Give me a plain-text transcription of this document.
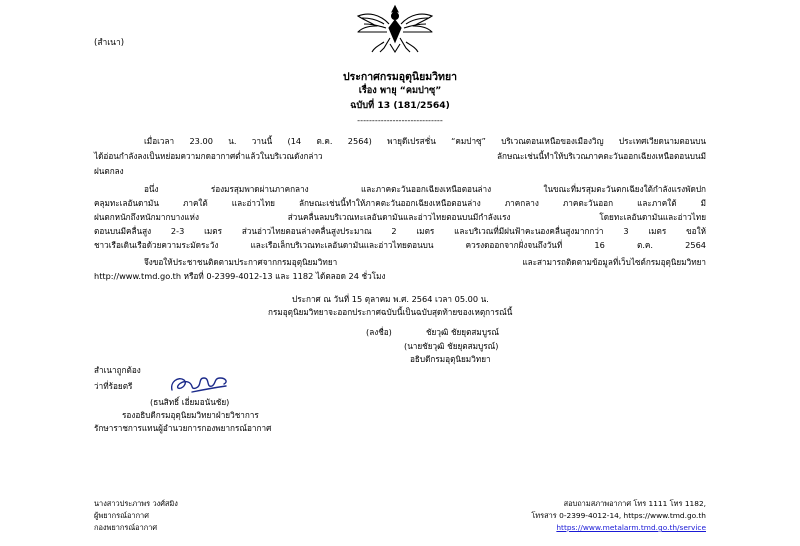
(สำเนา)
ประกาศกรมอุตุนิยมวิทยา
เรื่อง พายุ “คมปาซุ”
ฉบับที่ 13 (181/2564)
-----------------------------
เมื่อเวลา 23.00 น. วานนี้ (14 ต.ค. 2564) พายุดีเปรสชั่น “คมปาซุ” บริเวณตอนเหนือของเมืองวิญ ประเทศเวียดนามตอนบน
ได้อ่อนกำลังลงเป็นหย่อมความกดอากาศต่ำแล้วในบริเวณดังกล่าว ลักษณะเช่นนี้ทำให้บริเวณภาคตะวันออกเฉียงเหนือตอนบนมี
ฝนตกลง
อนึ่ง ร่องมรสุมพาดผ่านภาคกลาง และภาคตะวันออกเฉียงเหนือตอนล่าง ในขณะที่มรสุมตะวันตกเฉียงใต้กำลังแรงพัดปก
คลุมทะเลอันดามัน ภาคใต้ และอ่าวไทย ลักษณะเช่นนี้ทำให้ภาคตะวันออกเฉียงเหนือตอนล่าง ภาคกลาง ภาคตะวันออก และภาคใต้ มี
ฝนตกหนักถึงหนักมากบางแห่ง ส่วนคลื่นลมบริเวณทะเลอันดามันและอ่าวไทยตอนบนมีกำลังแรง โดยทะเลอันดามันและอ่าวไทย
ตอนบนมีคลื่นสูง 2-3 เมตร ส่วนอ่าวไทยตอนล่างคลื่นสูงประมาณ 2 เมตร และบริเวณที่มีฝนฟ้าคะนองคลื่นสูงมากกว่า 3 เมตร ขอให้
ชาวเรือเดินเรือด้วยความระมัดระวัง และเรือเล็กบริเวณทะเลอันดามันและอ่าวไทยตอนบน ควรงดออกจากฝั่งจนถึงวันที่ 16 ต.ค. 2564
จึงขอให้ประชาชนติดตามประกาศจากกรมอุตุนิยมวิทยา และสามารถติดตามข้อมูลที่เว็บไซต์กรมอุตุนิยมวิทยา
http://www.tmd.go.th หรือที่ 0-2399-4012-13 และ 1182 ได้ตลอด 24 ชั่วโมง
ประกาศ ณ วันที่ 15 ตุลาคม พ.ศ. 2564 เวลา 05.00 น.
กรมอุตุนิยมวิทยาจะออกประกาศฉบับนี้เป็นฉบับสุดท้ายของเหตุการณ์นี้
(ลงชื่อ)	ชัยวุฒิ ชัยยุตสมบูรณ์
(นายชัยวุฒิ ชัยยุตสมบูรณ์)
อธิบดีกรมอุตุนิยมวิทยา
สำเนาถูกต้อง
ว่าที่ร้อยตรี
(ธนสิทธิ์ เอี่ยมอนันชัย)
รองอธิบดีกรมอุตุนิยมวิทยาฝ่ายวิชาการ
รักษาราชการแทนผู้อำนวยการกองพยากรณ์อากาศ
นางสาวประภาพร วงศ์สมิง
ผู้พยากรณ์อากาศ
กองพยากรณ์อากาศ
สอบถามสภาพอากาศ โทร 1111 โทร 1182,
โทรสาร 0-2399-4012-14, https://www.tmd.go.th
https://www.metalarm.tmd.go.th/service
